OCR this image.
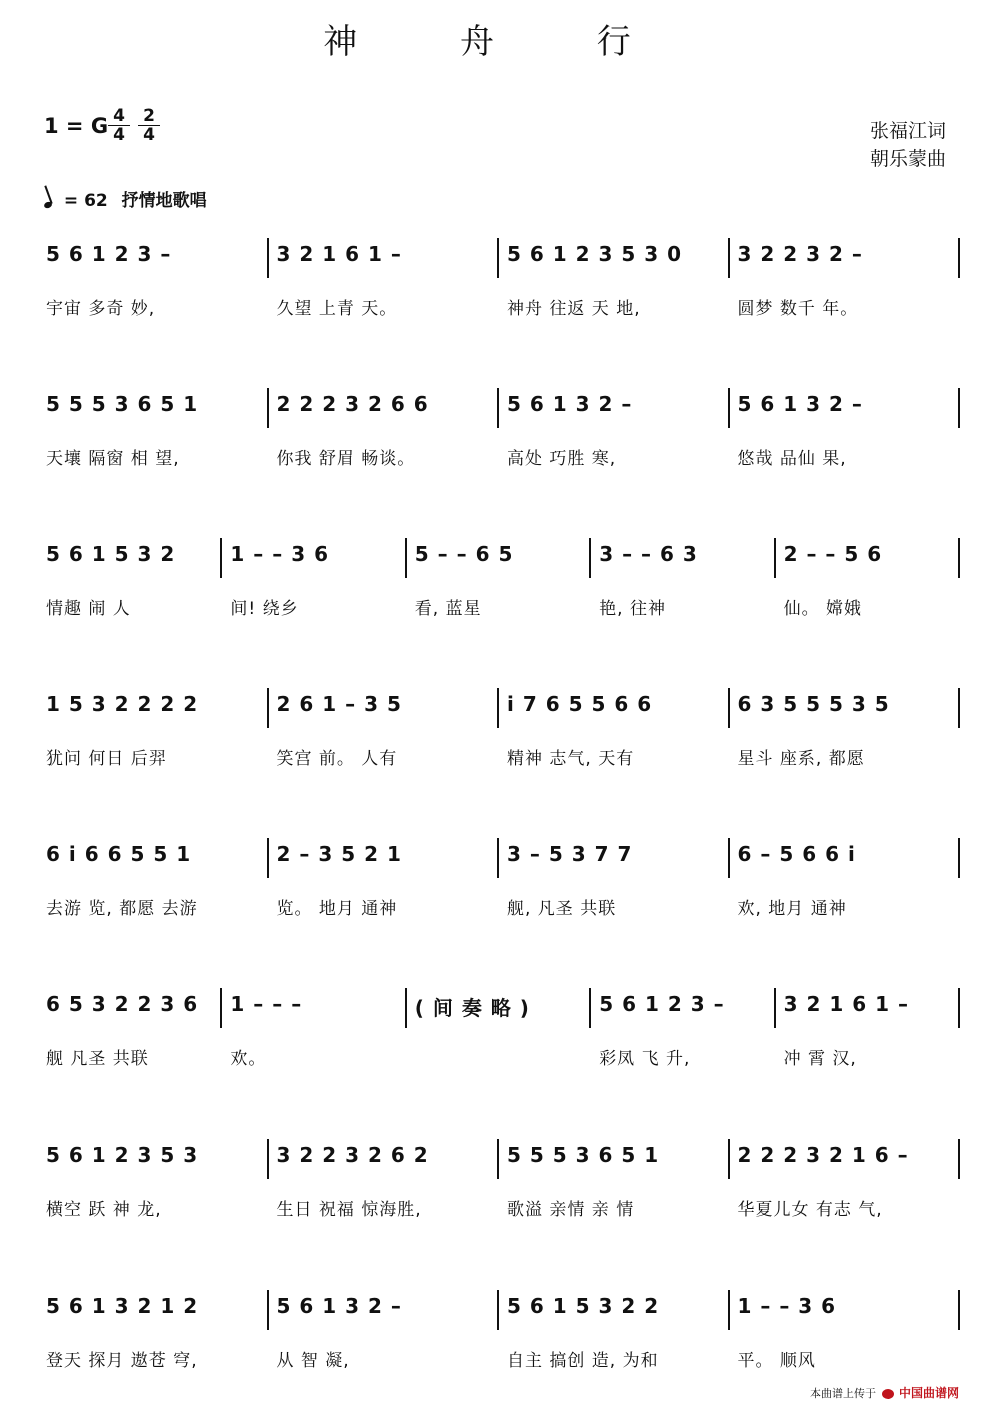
神 舟 行
1 = G 4
4
2
4	张福江词
朝乐蒙曲
= 62 抒情地歌唱
5 6 1 2 3 –
宇宙 多奇 妙,
3 2 1 6 1 –
久望 上青 天。
5 6 1 2 3 5 3 0
神舟 往返 天 地,
3 2 2 3 2 –
圆梦 数千 年。
5 5 5 3 6 5 1
天壤 隔窗 相 望,
2 2 2 3 2 6 6
你我 舒眉 畅谈。
5 6 1 3 2 –
高处 巧胜 寒,
5 6 1 3 2 –
悠哉 品仙 果,
5 6 1 5 3 2
情趣 闹 人
1 – – 3 6
间! 绕乡
5 – – 6 5
看, 蓝星
3 – – 6 3
艳, 往神
2 – – 5 6
仙。 嫦娥
1 5 3 2 2 2 2
犹问 何日 后羿
2 6 1 – 3 5
笑宫 前。 人有
i 7 6 5 5 6 6
精神 志气, 天有
6 3 5 5 5 3 5
星斗 座系, 都愿
6 i 6 6 5 5 1
去游 览, 都愿 去游
2 – 3 5 2 1
览。 地月 通神
3 – 5 3 7 7
舰, 凡圣 共联
6 – 5 6 6 i
欢, 地月 通神
6 5 3 2 2 3 6
舰 凡圣 共联
1 – – –
欢。
( 间 奏 略 )	5 6 1 2 3 –
彩凤 飞 升,
3 2 1 6 1 –
冲 霄 汉,
5 6 1 2 3 5 3
横空 跃 神 龙,
3 2 2 3 2 6 2
生日 祝福 惊海胜,
5 5 5 3 6 5 1
歌溢 亲情 亲 情
2 2 2 3 2 1 6 –
华夏儿女 有志 气,
5 6 1 3 2 1 2
登天 探月 遨苍 穹,
5 6 1 3 2 –
从 智 凝,
5 6 1 5 3 2 2
自主 搞创 造, 为和
1 – – 3 6
平。 顺风
本曲谱上传于 中国曲谱网
